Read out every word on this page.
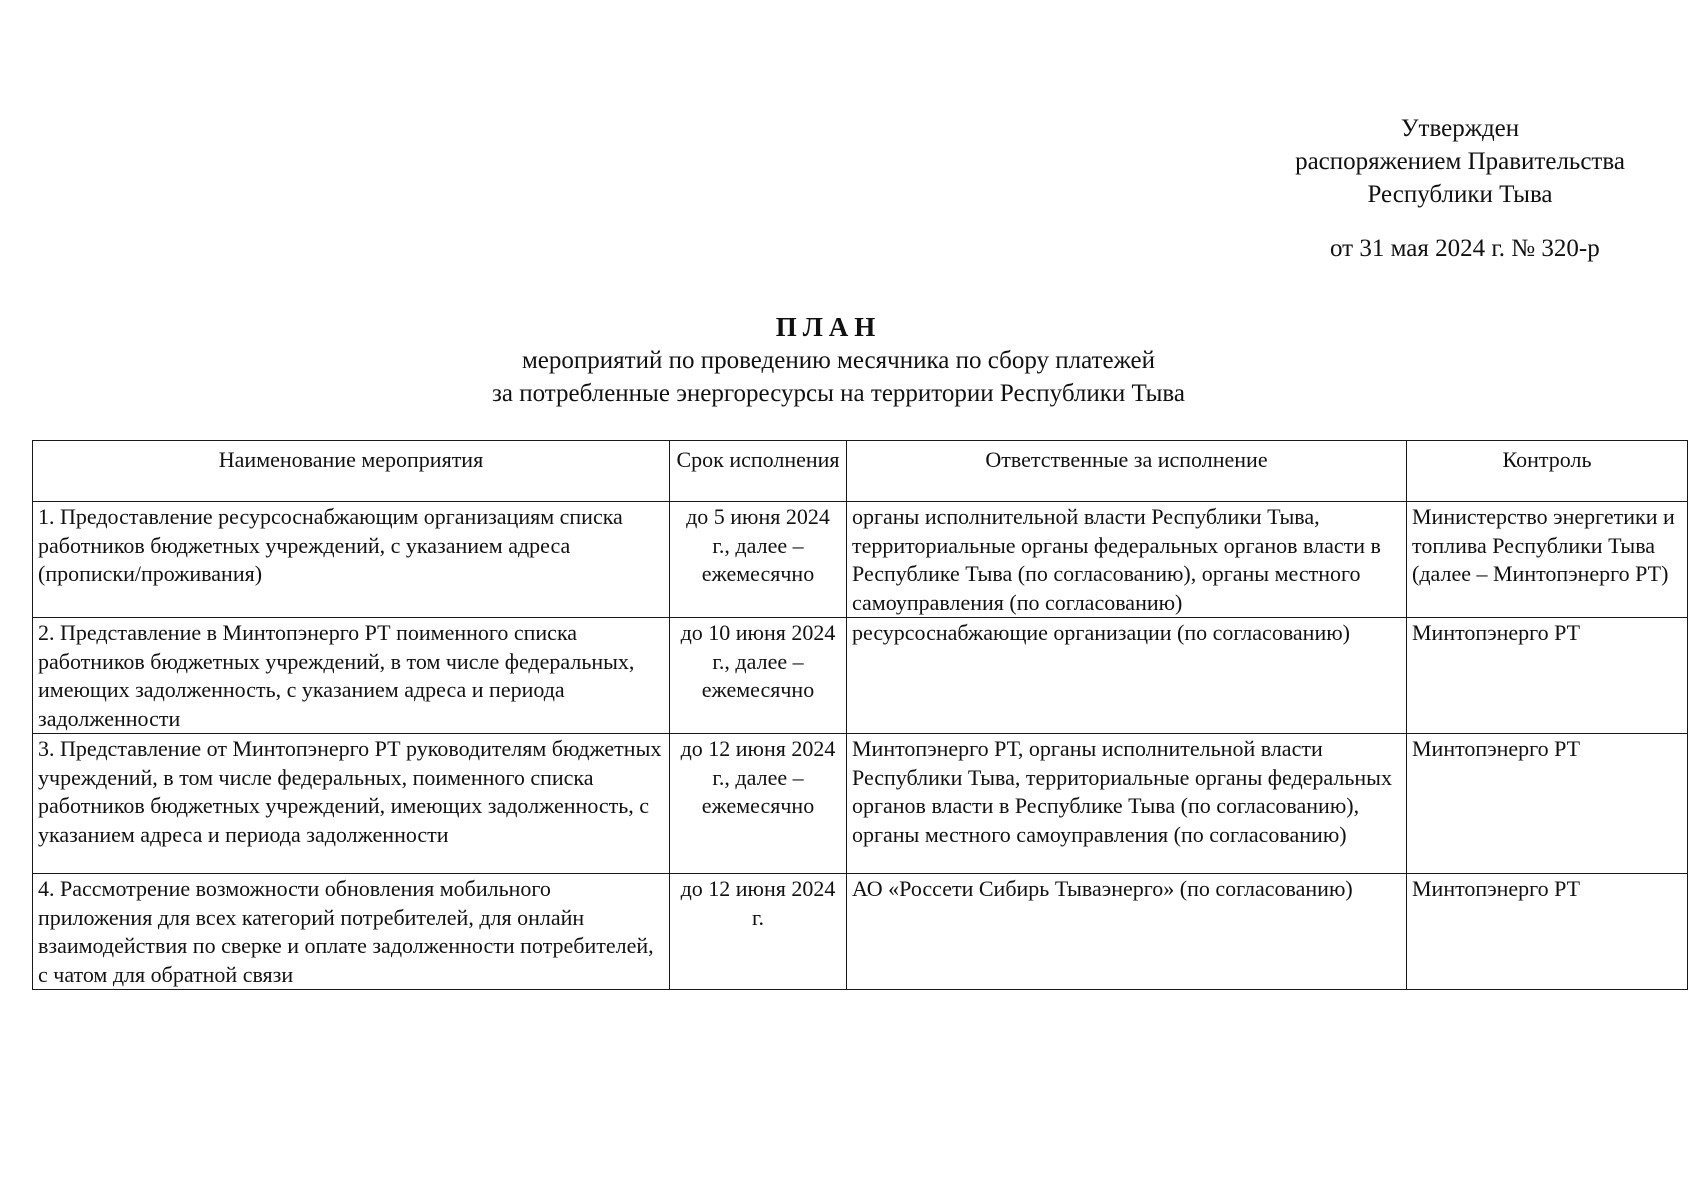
Утвержден
распоряжением Правительства
Республики Тыва
от 31 мая 2024 г. № 320-р
ПЛАН
мероприятий по проведению месячника по сбору платежей
за потребленные энергоресурсы на территории Республики Тыва
Наименование мероприятия	Срок исполнения	Ответственные за исполнение	Контроль
1. Предоставление ресурсоснабжающим организациям списка работников бюджетных учреждений, с указанием адреса (прописки/проживания)	до 5 июня 2024 г., далее – ежемесячно	органы исполнительной власти Республики Тыва, территориальные органы федеральных органов власти в Республике Тыва (по согласованию), органы местного самоуправления (по согласованию)	Министерство энергетики и топлива Республики Тыва (далее – Минтопэнерго РТ)
2. Представление в Минтопэнерго РТ поименного списка работников бюджетных учреждений, в том числе федеральных, имеющих задолженность, с указанием адреса и периода задолженности	до 10 июня 2024 г., далее – ежемесячно	ресурсоснабжающие организации (по согласованию)	Минтопэнерго РТ
3. Представление от Минтопэнерго РТ руководителям бюджетных учреждений, в том числе федеральных, поименного списка работников бюджетных учреждений, имеющих задолженность, с указанием адреса и периода задолженности	до 12 июня 2024 г., далее – ежемесячно	Минтопэнерго РТ, органы исполнительной власти Республики Тыва, территориальные органы федеральных органов власти в Республике Тыва (по согласованию), органы местного самоуправления (по согласованию)	Минтопэнерго РТ
4. Рассмотрение возможности обновления мобильного приложения для всех категорий потребителей, для онлайн взаимодействия по сверке и оплате задолженности потребителей, с чатом для обратной связи	до 12 июня 2024 г.	АО «Россети Сибирь Тываэнерго» (по согласованию)	Минтопэнерго РТ
